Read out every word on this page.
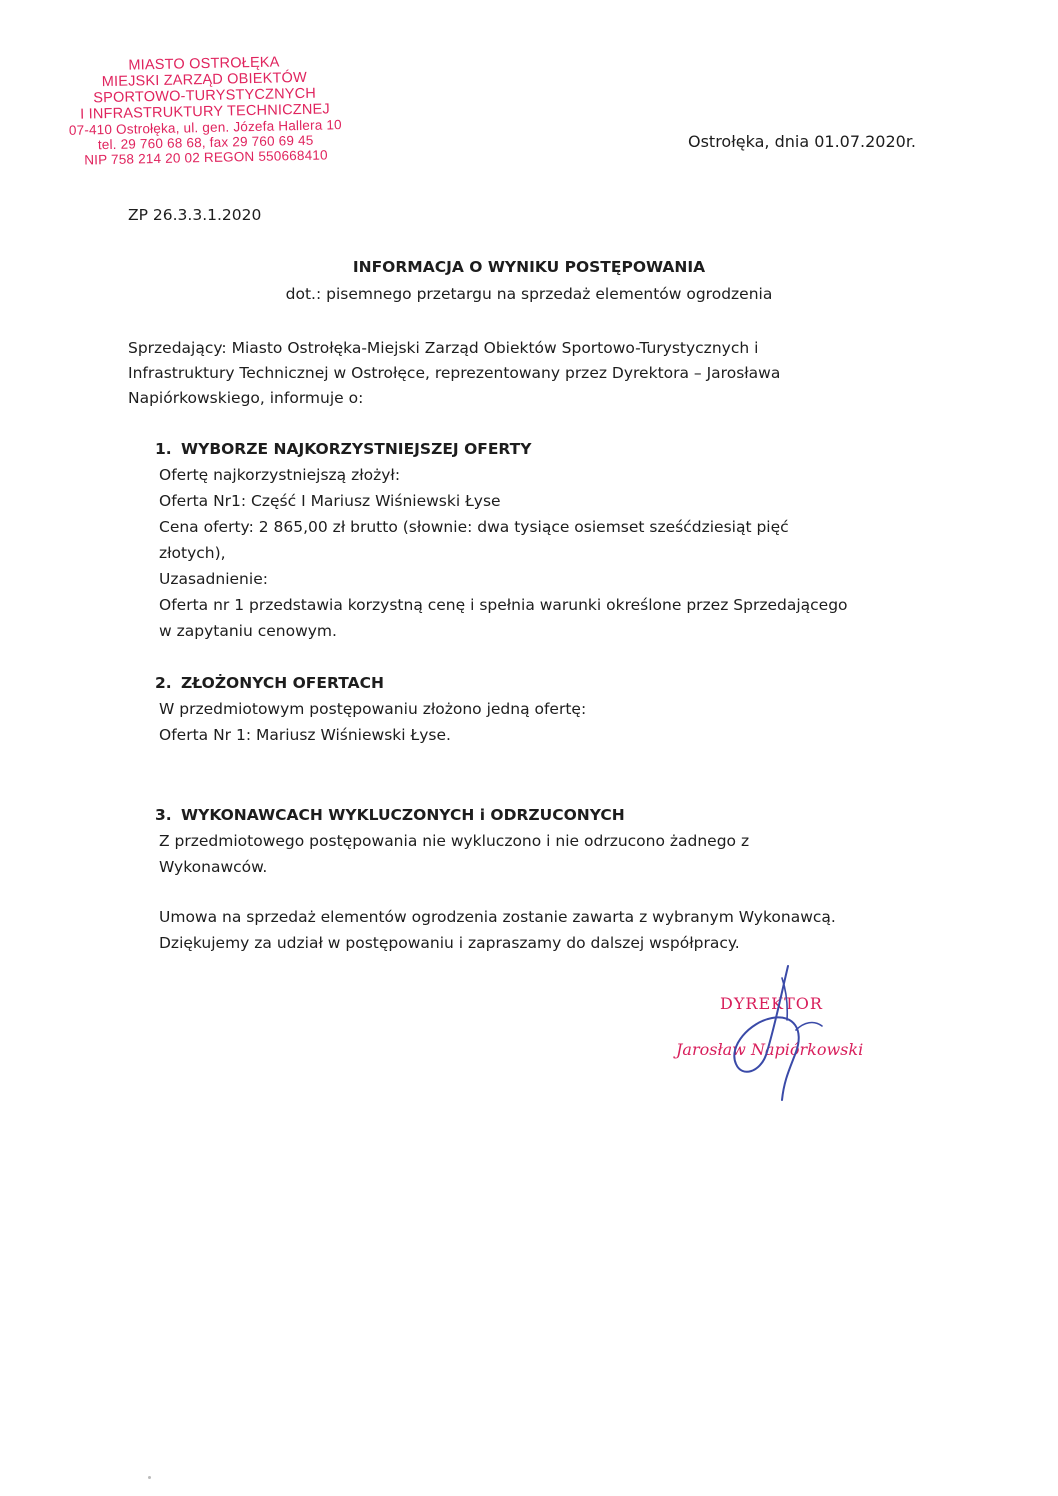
MIASTO OSTROŁĘKA
MIEJSKI ZARZĄD OBIEKTÓW
SPORTOWO-TURYSTYCZNYCH
I INFRASTRUKTURY TECHNICZNEJ
07-410 Ostrołęka, ul. gen. Józefa Hallera 10
tel. 29 760 68 68, fax 29 760 69 45
NIP 758 214 20 02 REGON 550668410
Ostrołęka, dnia 01.07.2020r.
ZP 26.3.3.1.2020
INFORMACJA O WYNIKU POSTĘPOWANIA
dot.: pisemnego przetargu na sprzedaż elementów ogrodzenia
Sprzedający: Miasto Ostrołęka-Miejski Zarząd Obiektów Sportowo-Turystycznych i
Infrastruktury Technicznej w Ostrołęce, reprezentowany przez Dyrektora – Jarosława
Napiórkowskiego, informuje o:
1. WYBORZE NAJKORZYSTNIEJSZEJ OFERTY
Ofertę najkorzystniejszą złożył:
Oferta Nr1: Część I Mariusz Wiśniewski Łyse
Cena oferty: 2 865,00 zł brutto (słownie: dwa tysiące osiemset sześćdziesiąt pięć
złotych),
Uzasadnienie:
Oferta nr 1 przedstawia korzystną cenę i spełnia warunki określone przez Sprzedającego
w zapytaniu cenowym.
2. ZŁOŻONYCH OFERTACH
W przedmiotowym postępowaniu złożono jedną ofertę:
Oferta Nr 1: Mariusz Wiśniewski Łyse.
3. WYKONAWCACH WYKLUCZONYCH i ODRZUCONYCH
Z przedmiotowego postępowania nie wykluczono i nie odrzucono żadnego z
Wykonawców.
Umowa na sprzedaż elementów ogrodzenia zostanie zawarta z wybranym Wykonawcą.
Dziękujemy za udział w postępowaniu i zapraszamy do dalszej współpracy.
DYREKTOR
Jarosław Napiórkowski
